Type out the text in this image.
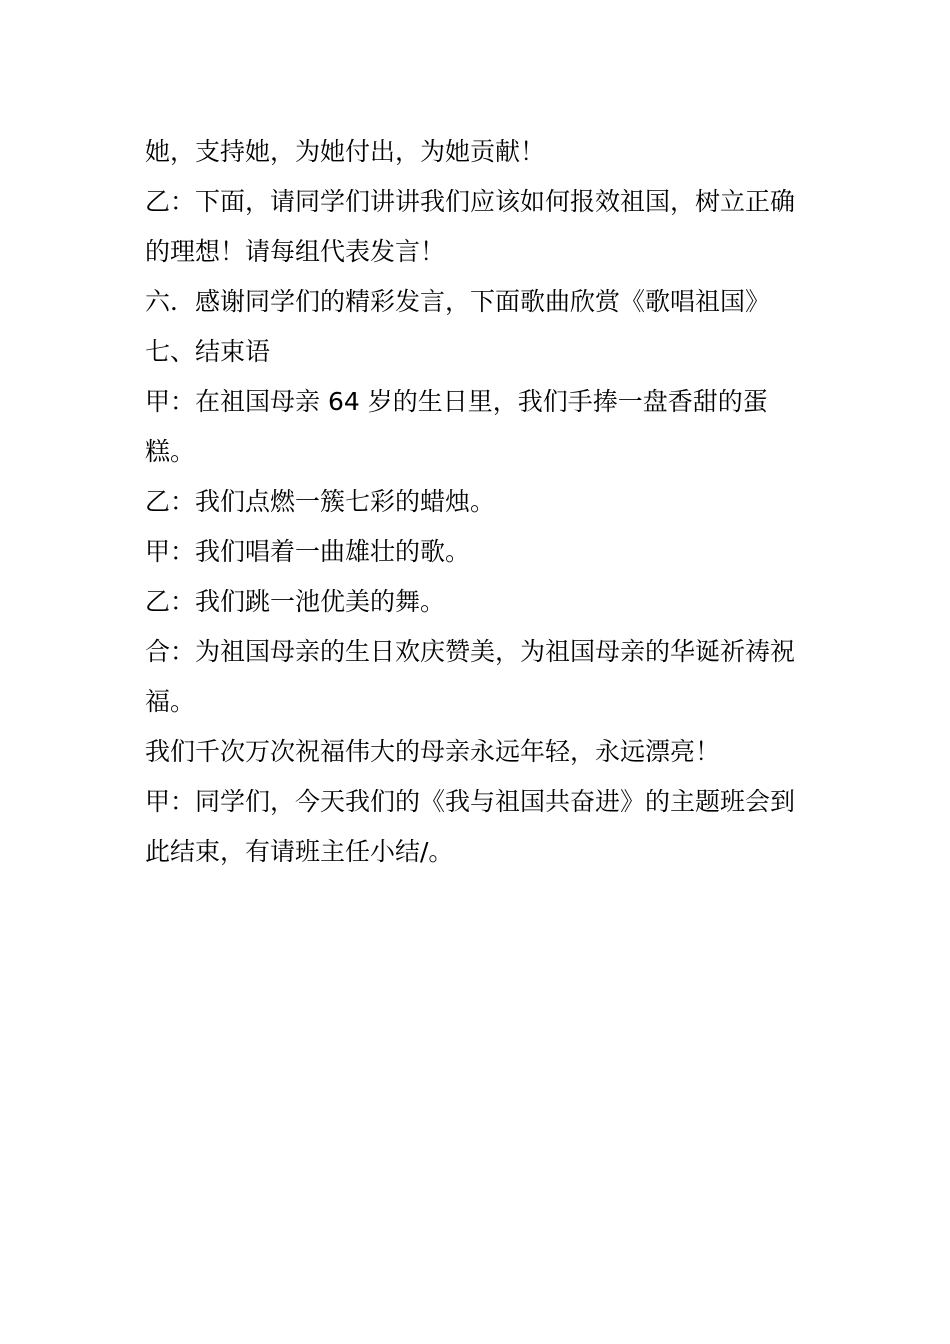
她，支持她，为她付出，为她贡献！

乙：下面，请同学们讲讲我们应该如何报效祖国，树立正确的理想！请每组代表发言！

六．感谢同学们的精彩发言，下面歌曲欣赏《歌唱祖国》

七、结束语

甲：在祖国母亲 64 岁的生日里，我们手捧一盘香甜的蛋糕。

乙：我们点燃一簇七彩的蜡烛。

甲：我们唱着一曲雄壮的歌。

乙：我们跳一池优美的舞。

合：为祖国母亲的生日欢庆赞美，为祖国母亲的华诞祈祷祝福。

我们千次万次祝福伟大的母亲永远年轻，永远漂亮！

甲：同学们，今天我们的《我与祖国共奋进》的主题班会到此结束，有请班主任小结/。
